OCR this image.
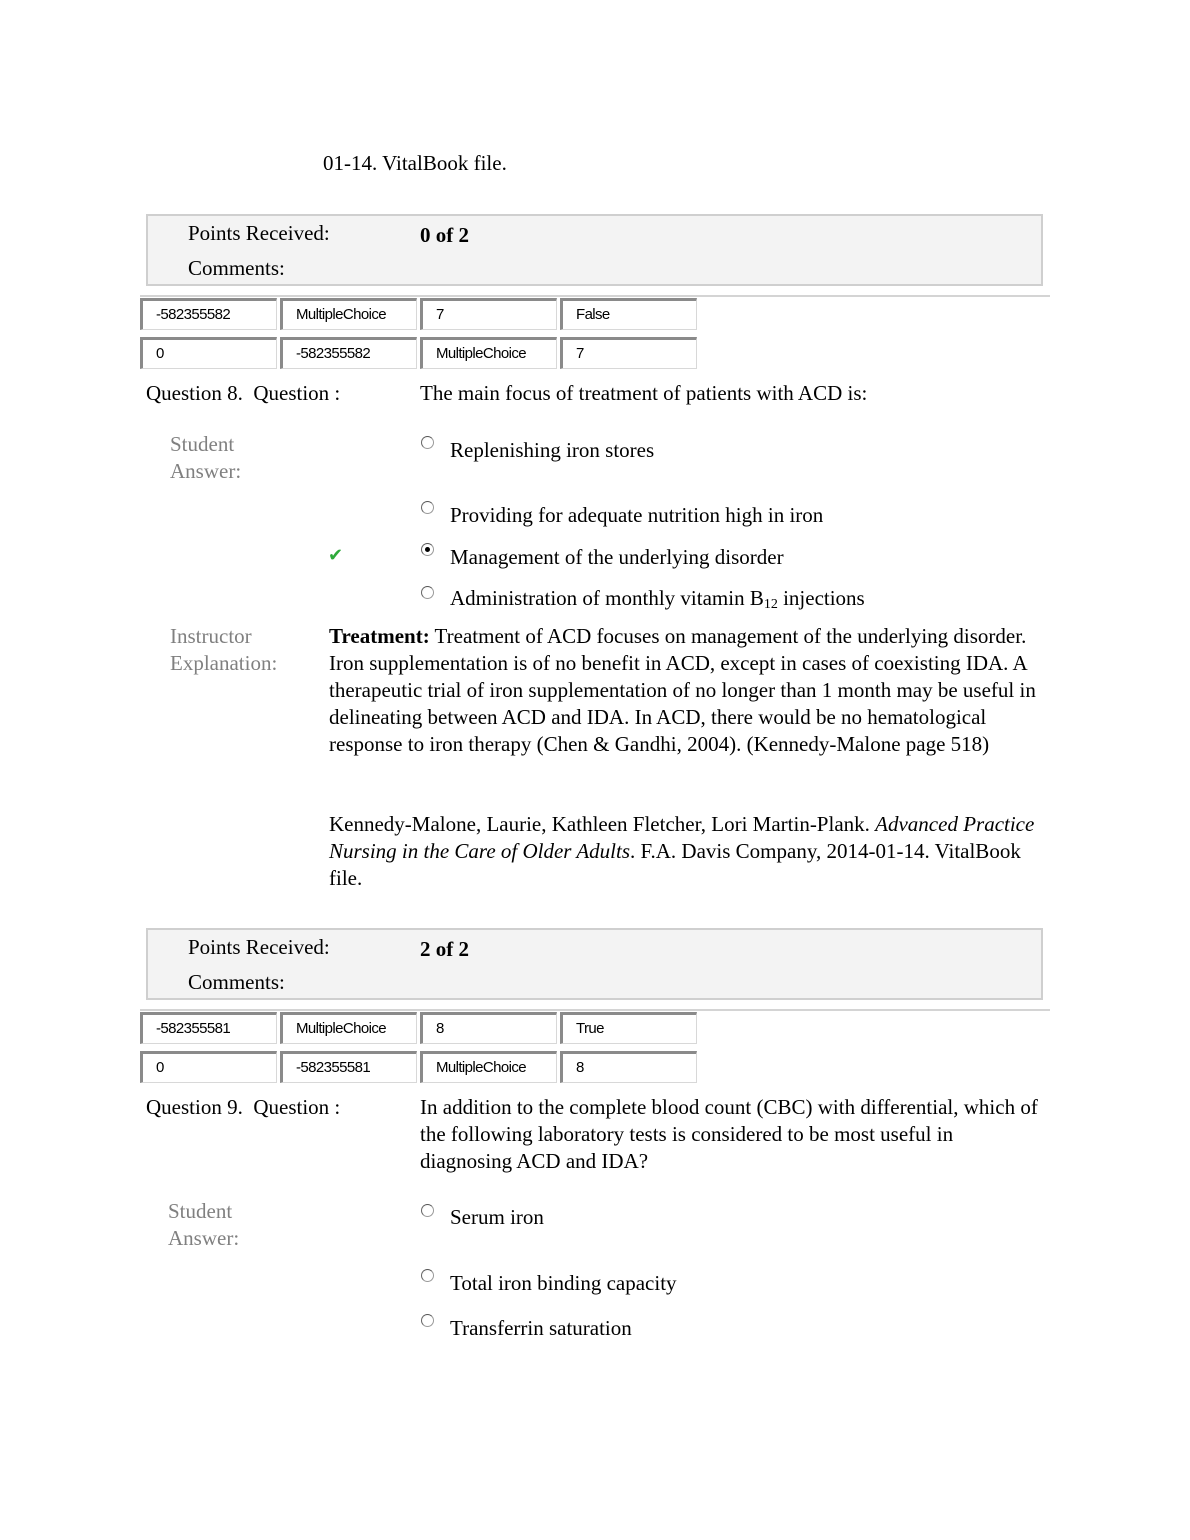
01-14. VitalBook file.
Points Received:	0 of 2
Comments:
-582355582	MultipleChoice	7	False
0	-582355582	MultipleChoice	7
Question 8.  Question :	The main focus of treatment of patients with ACD is:
Student
Answer:
Replenishing iron stores
Providing for adequate nutrition high in iron
✔	Management of the underlying disorder
Administration of monthly vitamin $B_{12}$ injections
Instructor
Explanation:
Treatment: Treatment of ACD focuses on management of the underlying disorder. Iron supplementation is of no benefit in ACD, except in cases of coexisting IDA. A therapeutic trial of iron supplementation of no longer than 1 month may be useful in delineating between ACD and IDA. In ACD, there would be no hematological response to iron therapy (Chen & Gandhi, 2004). (Kennedy-Malone page 518)
Kennedy-Malone, Laurie, Kathleen Fletcher, Lori Martin-Plank. Advanced Practice Nursing in the Care of Older Adults. F.A. Davis Company, 2014-01-14. VitalBook file.
Points Received:	2 of 2
Comments:
-582355581	MultipleChoice	8	True
0	-582355581	MultipleChoice	8
Question 9.  Question :	In addition to the complete blood count (CBC) with differential, which of the following laboratory tests is considered to be most useful in diagnosing ACD and IDA?
Student
Answer:
Serum iron
Total iron binding capacity
Transferrin saturation
